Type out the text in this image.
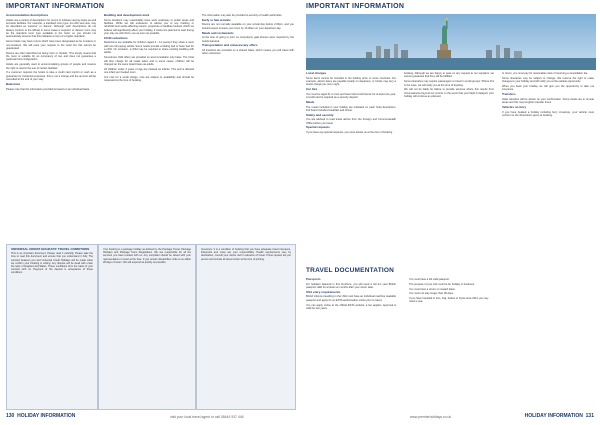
IMPORTANT INFORMATION
Accommodation descriptions

Hotels use a variety of descriptions for rooms to indicate varying styles as well as better facilities. For example, a standard room type, but with sea view, may be described as 'superior' or 'deluxe'. Although such descriptions do not always conform to the official, in some cases a 'superior' or 'deluxe' room may be the standard room type available in the hotel, so you should not automatically assume that this indicates a room of a higher standard.

Some hotels may have rooms which have been designated as for smokers or non-smokers. We will pass your request to the hotel but this cannot be guaranteed.

Rooms are often described as being 'twin' or 'double'. This simply means that the room is suitable for an occupancy of two and does not guarantee a particular bed configuration.

Hotels are generally used to accommodating groups of people and reserve the right to restrict the use of certain facilities.

If a customer requires the hotels to take a credit card imprint or cash as a guarantee for incidental expenses, this is not a charge and the amount will be cancelled at the end of your stay.

Balconies

Please note that the information provided is based on an individual basis.

Building and development work

Some locations may unavoidably have work underway to public areas and facilities. While we will endeavour to advise you of any building or refurbishment works affecting resorts, properties or facilities booked, which we believe will significantly affect your holiday, if works are planned to start during your stay we will inform you as soon as possible.

Child reductions

Reductions are available for children (aged 2 – 11 years) if they share a room with two full paying adults. Some hotels provide a folding bed or foam bed for a child. On occasion, a child may be required to share existing bedding with adults.

Sometimes child offers are provided on accommodation only basis. The hotel will then charge for all meals taken and in some cases, children will be charged on the same board basis as adults.

All children under 2 years of age are classed as infants. This and is allowed one infant per booked room.

Our cots for a small charge; cots are subject to availability and should be requested at the time of booking.

The information may also be provided to security or health authorities.

Early or late arrivals

Rooms are not normally available on your arrival day before 2.00pm, and you should expect to leave your room by 10.00am on your departure day.

Meals and restaurants

At the time of going to print no compulsory gala dinners were required by the hotels featured.

Transportation and unnecessary offers

All transfers are provided on a shared basis, which means you will travel with other customers.

UNIVERSAL CREDIT HOLIDAYS' TRAVEL CONDITIONS

This is an important document. Please read it carefully. Please take the time to read this document and ensure that you understand it fully. The contract between you and Universal Credit Holidays will be made when we confirm your booking in writing. Any dispute will be dealt with under the laws of England and Wales. These conditions form the basis of your contract with us. Payment of the deposit is acceptance of these conditions.

Your booking is a package holiday as defined by the Package Travel, Package Holidays and Package Tours Regulations. We are responsible for all the services you have booked with us. Any complaint should be raised with your representative in resort at the time. If you remain dissatisfied, write to us within 28 days of return. We will respond as quickly as possible.

Insurance: It is a condition of booking that you have adequate travel insurance. Passports and visas are your responsibility. Health requirements vary by destination; consult your doctor well in advance of travel. Prices quoted are per person and include all taxes known at the time of printing.

IMPORTANT INFORMATION
Local charges

Some items cannot be included in the holiday price or some countries. For example, airport taxes are payable locally on departure, or hotels may levy a tourist charge per room night.

Car hire

You must be aged 21 or over and have held a full licence for at least one year. A credit card is required as a security deposit.

Meals

The meals included in your holiday are indicated on each hotel description. Full board includes breakfast and dinner.

Safety and security

You are advised to read travel advice from the Foreign and Commonwealth Office before you travel.

Special requests

If you have any special requests, you must advise us at the time of booking.

booking. Although we are happy to pass on any request to our suppliers, we cannot guarantee that they will be fulfilled.

Some itineraries may require passengers to travel in small groups. Where this is the case, we will notify you at the time of booking.

We will not be liable for failure to provide services where this results from circumstances beyond our control. In the event that your flight is delayed, your holiday will continue as planned.

In return, you must pay for reasonable costs of returning a cancellation fee.

Some itineraries may be subject to change. We reserve the right to make changes to your holiday and will notify you at the earliest opportunity.

When you book your holiday we will give you the opportunity to take out insurance.

Transfers

Hotel transfers will be shown on your confirmation. Some hotels are in remote areas and this may lengthen transfer times.

Vehicles on ferry

If you have booked a holiday including ferry crossings, your vehicle must conform to the dimensions given at booking.

TRAVEL DOCUMENTATION
Passports

For holidays featured in this brochure, you will need a full ten year British passport valid for at least six months after your return date.

USA entry requirements

British citizens travelling to the USA must have an individual machine readable passport and apply for an ESTA authorisation online prior to travel.

You can apply online at the official ESTA website; a fee applies. Approval is valid for two years.

• You must have a full valid passport.
• The purpose of your visit must be for holiday or business.
• You must have a return or onward ticket.
• You must not stay longer than 90 days.
• If you have travelled to Iran, Iraq, Sudan or Syria since 2011 you may need a visa.
130 HOLIDAY INFORMATION	visit your local travel agent or call 08444 937 446	www.premierholidays.co.uk	HOLIDAY INFORMATION 131
